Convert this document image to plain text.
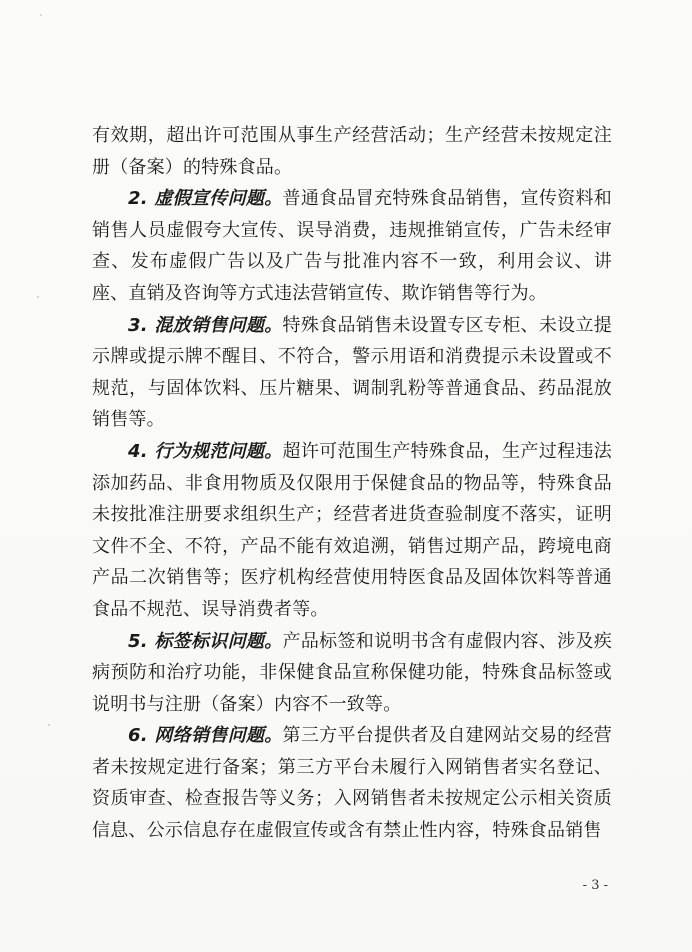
有效期，超出许可范围从事生产经营活动；生产经营未按规定注册（备案）的特殊食品。

2. 虚假宣传问题。普通食品冒充特殊食品销售，宣传资料和销售人员虚假夸大宣传、误导消费，违规推销宣传，广告未经审查、发布虚假广告以及广告与批准内容不一致，利用会议、讲座、直销及咨询等方式违法营销宣传、欺诈销售等行为。

3. 混放销售问题。特殊食品销售未设置专区专柜、未设立提示牌或提示牌不醒目、不符合，警示用语和消费提示未设置或不规范，与固体饮料、压片糖果、调制乳粉等普通食品、药品混放销售等。

4. 行为规范问题。超许可范围生产特殊食品，生产过程违法添加药品、非食用物质及仅限用于保健食品的物品等，特殊食品未按批准注册要求组织生产；经营者进货查验制度不落实，证明文件不全、不符，产品不能有效追溯，销售过期产品，跨境电商产品二次销售等；医疗机构经营使用特医食品及固体饮料等普通食品不规范、误导消费者等。

5. 标签标识问题。产品标签和说明书含有虚假内容、涉及疾病预防和治疗功能，非保健食品宣称保健功能，特殊食品标签或说明书与注册（备案）内容不一致等。

6. 网络销售问题。第三方平台提供者及自建网站交易的经营者未按规定进行备案；第三方平台未履行入网销售者实名登记、资质审查、检查报告等义务；入网销售者未按规定公示相关资质信息、公示信息存在虚假宣传或含有禁止性内容，特殊食品销售

- 3 -
